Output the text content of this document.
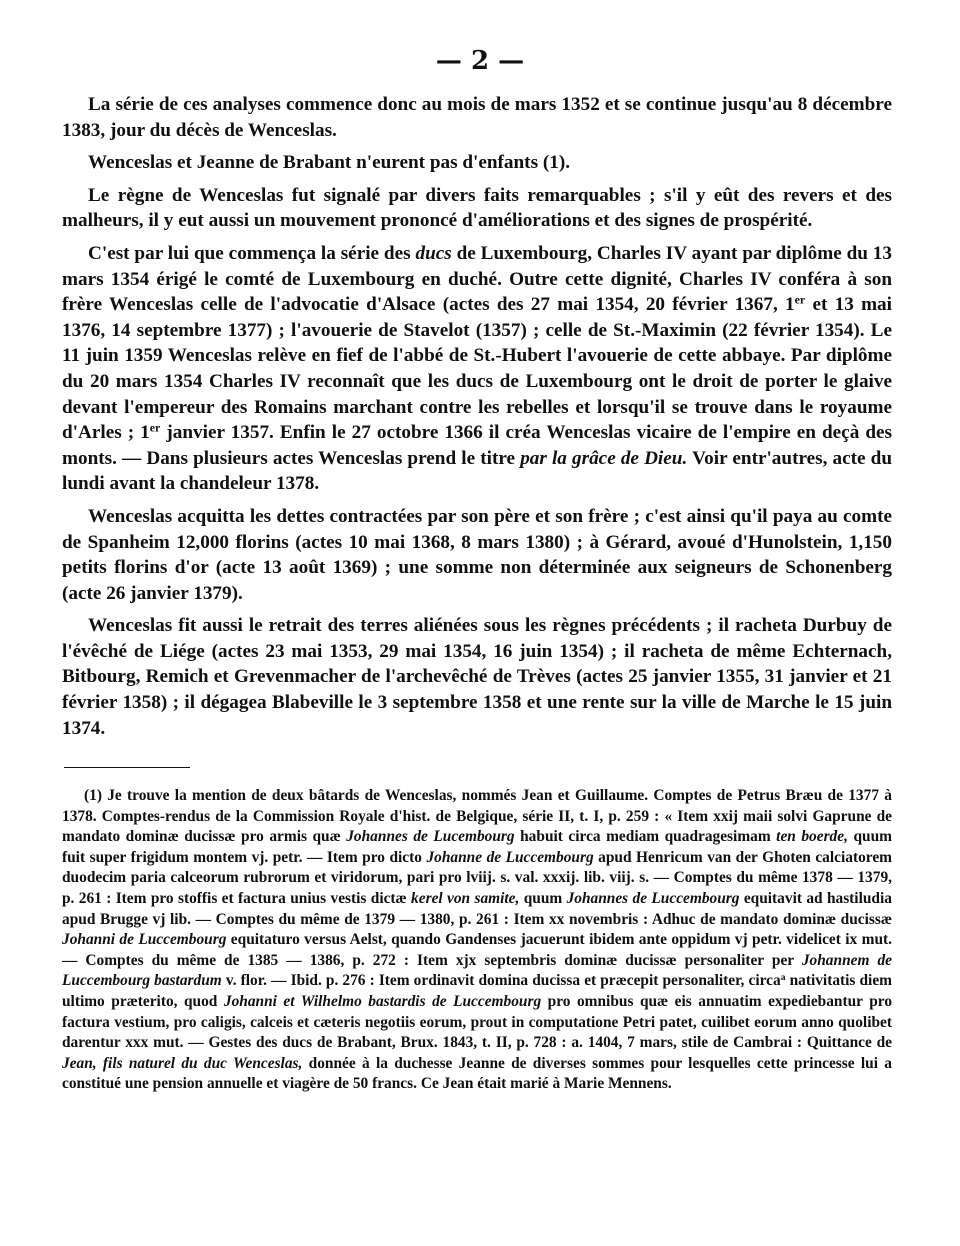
— 2 —

La série de ces analyses commence donc au mois de mars 1352 et se continue jusqu'au 8 décembre 1383, jour du décès de Wenceslas.

Wenceslas et Jeanne de Brabant n'eurent pas d'enfants (1).

Le règne de Wenceslas fut signalé par divers faits remarquables ; s'il y eût des revers et des malheurs, il y eut aussi un mouvement prononcé d'améliorations et des signes de prospérité.

C'est par lui que commença la série des ducs de Luxembourg, Charles IV ayant par diplôme du 13 mars 1354 érigé le comté de Luxembourg en duché. Outre cette dignité, Charles IV conféra à son frère Wenceslas celle de l'advocatie d'Alsace (actes des 27 mai 1354, 20 février 1367, 1er et 13 mai 1376, 14 septembre 1377) ; l'avouerie de Stavelot (1357) ; celle de St.-Maximin (22 février 1354). Le 11 juin 1359 Wenceslas relève en fief de l'abbé de St.-Hubert l'avouerie de cette abbaye. Par diplôme du 20 mars 1354 Charles IV reconnaît que les ducs de Luxembourg ont le droit de porter le glaive devant l'empereur des Romains marchant contre les rebelles et lorsqu'il se trouve dans le royaume d'Arles ; 1er janvier 1357. Enfin le 27 octobre 1366 il créa Wenceslas vicaire de l'empire en deçà des monts. — Dans plusieurs actes Wenceslas prend le titre par la grâce de Dieu. Voir entr'autres, acte du lundi avant la chandeleur 1378.

Wenceslas acquitta les dettes contractées par son père et son frère ; c'est ainsi qu'il paya au comte de Spanheim 12,000 florins (actes 10 mai 1368, 8 mars 1380) ; à Gérard, avoué d'Hunolstein, 1,150 petits florins d'or (acte 13 août 1369) ; une somme non déterminée aux seigneurs de Schonenberg (acte 26 janvier 1379).

Wenceslas fit aussi le retrait des terres aliénées sous les règnes précédents ; il racheta Durbuy de l'évêché de Liége (actes 23 mai 1353, 29 mai 1354, 16 juin 1354) ; il racheta de même Echternach, Bitbourg, Remich et Grevenmacher de l'archevêché de Trèves (actes 25 janvier 1355, 31 janvier et 21 février 1358) ; il dégagea Blabeville le 3 septembre 1358 et une rente sur la ville de Marche le 15 juin 1374.

(1) Je trouve la mention de deux bâtards de Wenceslas, nommés Jean et Guillaume. Comptes de Petrus Bræu de 1377 à 1378. Comptes-rendus de la Commission Royale d'hist. de Belgique, série II, t. I, p. 259 : « Item xxij maii solvi Gaprune de mandato dominæ ducissæ pro armis quæ Johannes de Lucembourg habuit circa mediam quadragesimam ten boerde, quum fuit super frigidum montem vj. petr. — Item pro dicto Johanne de Luccembourg apud Henricum van der Ghoten calciatorem duodecim paria calceorum rubrorum et viridorum, pari pro lviij. s. val. xxxij. lib. viij. s. — Comptes du même 1378 — 1379, p. 261 : Item pro stoffis et factura unius vestis dictæ kerel von samite, quum Johannes de Luccembourg equitavit ad hastiludia apud Brugge vj lib. — Comptes du même de 1379 — 1380, p. 261 : Item xx novembris : Adhuc de mandato dominæ ducissæ Johanni de Luccembourg equitaturo versus Aelst, quando Gandenses jacuerunt ibidem ante oppidum vj petr. videlicet ix mut. — Comptes du même de 1385 — 1386, p. 272 : Item xjx septembris dominæ ducissæ personaliter per Johannem de Luccembourg bastardum v. flor. — Ibid. p. 276 : Item ordinavit domina ducissa et præcepit personaliter, circa$^a$ nativitatis diem ultimo præterito, quod Johanni et Wilhelmo bastardis de Luccembourg pro omnibus quæ eis annuatim expediebantur pro factura vestium, pro caligis, calceis et cæteris negotiis eorum, prout in computatione Petri patet, cuilibet eorum anno quolibet darentur xxx mut. — Gestes des ducs de Brabant, Brux. 1843, t. II, p. 728 : a. 1404, 7 mars, stile de Cambrai : Quittance de Jean, fils naturel du duc Wenceslas, donnée à la duchesse Jeanne de diverses sommes pour lesquelles cette princesse lui a constitué une pension annuelle et viagère de 50 francs. Ce Jean était marié à Marie Mennens.
